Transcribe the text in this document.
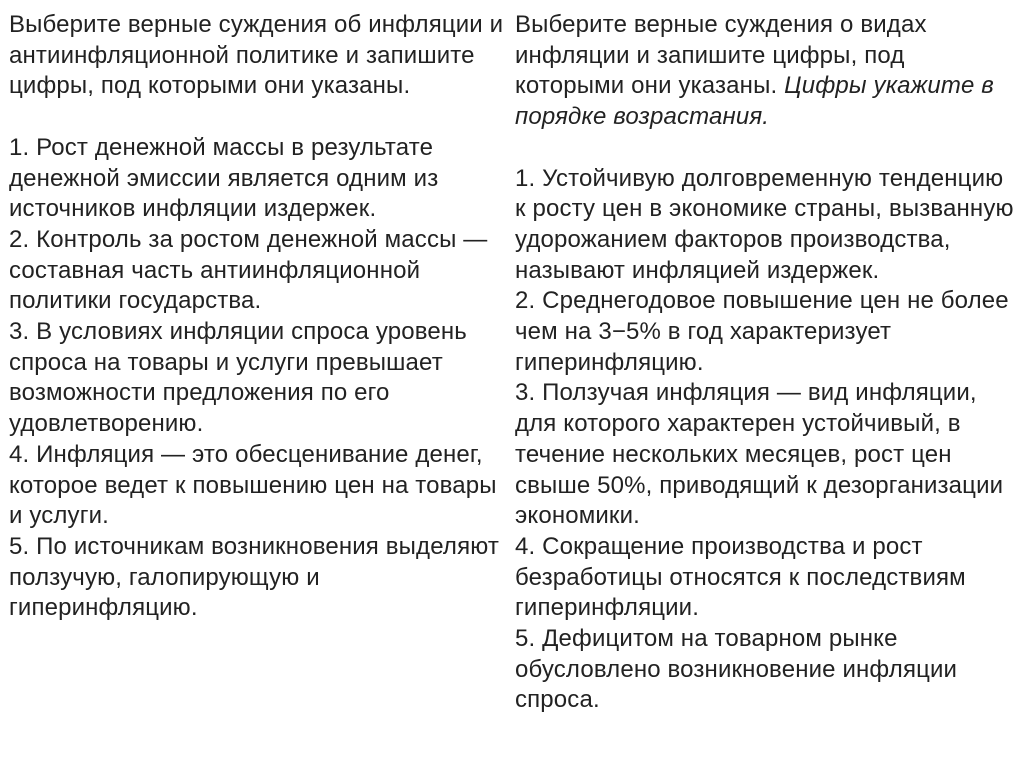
Выберите верные суждения об инфляции и антиинфляционной политике и запишите цифры, под которыми они указаны.

1. Рост денежной массы в результате денежной эмиссии является одним из источников инфляции издержек.
2. Контроль за ростом денежной массы — составная часть антиинфляционной политики государства.
3. В условиях инфляции спроса уровень спроса на товары и услуги превышает возможности предложения по его удовлетворению.
4. Инфляция — это обесценивание денег, которое ведет к повышению цен на товары и услуги.
5. По источникам возникновения выделяют ползучую, галопирующую и гиперинфляцию.

Выберите верные суждения о видах инфляции и запишите цифры, под которыми они указаны. Цифры укажите в порядке возрастания.

1. Устойчивую долговременную тенденцию к росту цен в экономике страны, вызванную удорожанием факторов производства, называют инфляцией издержек.
2. Среднегодовое повышение цен не более чем на 3−5% в год характеризует гиперинфляцию.
3. Ползучая инфляция — вид инфляции, для которого характерен устойчивый, в течение нескольких месяцев, рост цен свыше 50%, приводящий к дезорганизации экономики.
4. Сокращение производства и рост безработицы относятся к последствиям гиперинфляции.
5. Дефицитом на товарном рынке обусловлено возникновение инфляции спроса.
